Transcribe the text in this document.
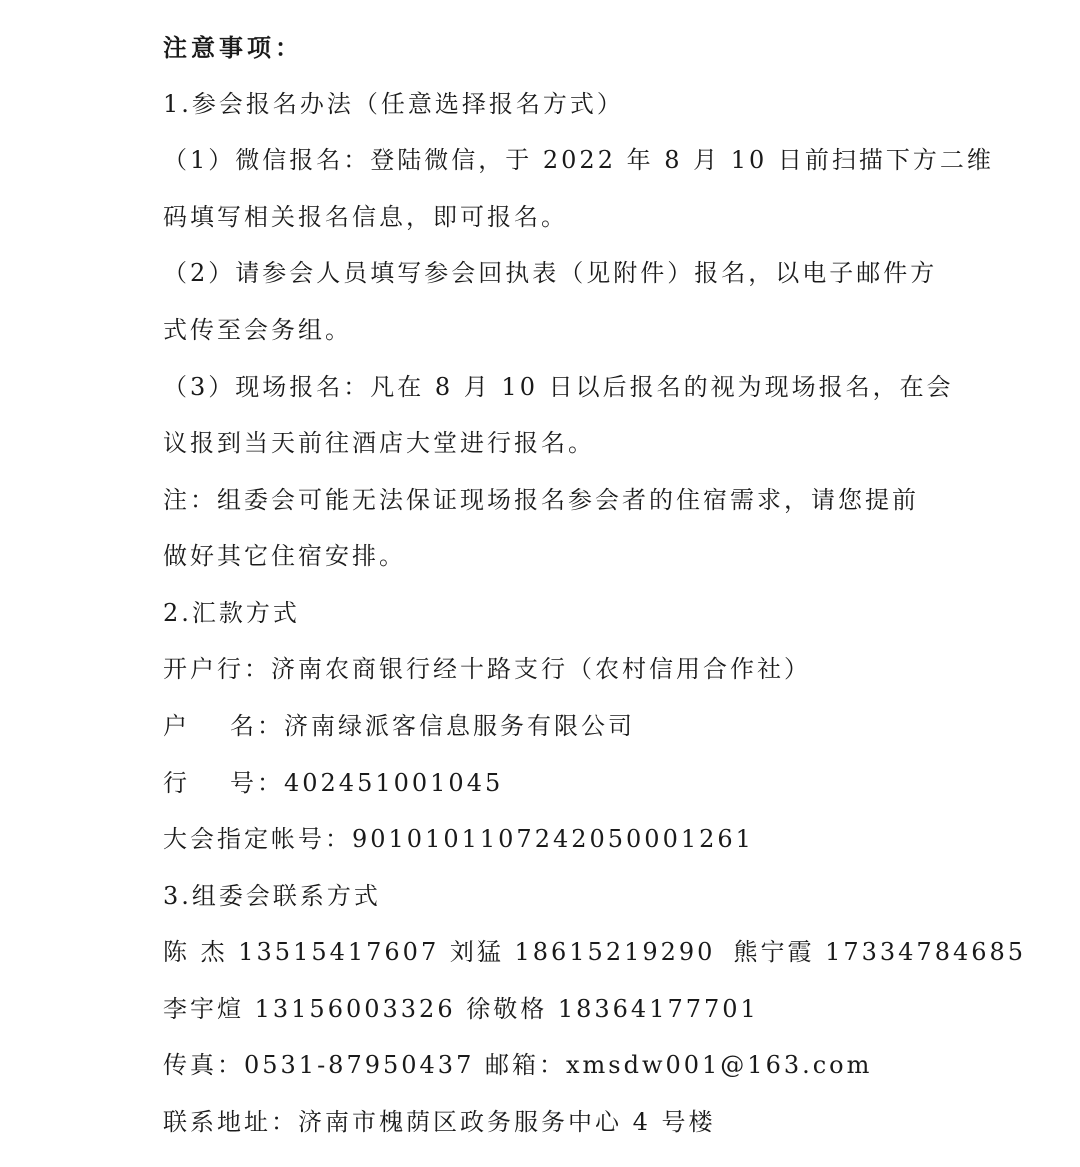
注意事项：
1.参会报名办法（任意选择报名方式）
（1）微信报名：登陆微信，于 2022 年 8 月 10 日前扫描下方二维
码填写相关报名信息，即可报名。
（2）请参会人员填写参会回执表（见附件）报名，以电子邮件方
式传至会务组。
（3）现场报名：凡在 8 月 10 日以后报名的视为现场报名，在会
议报到当天前往酒店大堂进行报名。
注：组委会可能无法保证现场报名参会者的住宿需求，请您提前
做好其它住宿安排。
2.汇款方式
开户行：济南农商银行经十路支行（农村信用合作社）
户 名：济南绿派客信息服务有限公司
行 号：402451001045
大会指定帐号：901010110724205000126​1
3.组委会联系方式
陈 杰 13515417607 刘猛 18615219290 熊宁霞 17334784685
李宇煊 13156003326 徐敬格 18364177701
传真：0531-87950437 邮箱：xmsdw001@163.com
联系地址：济南市槐荫区政务服务中心 4 号楼
